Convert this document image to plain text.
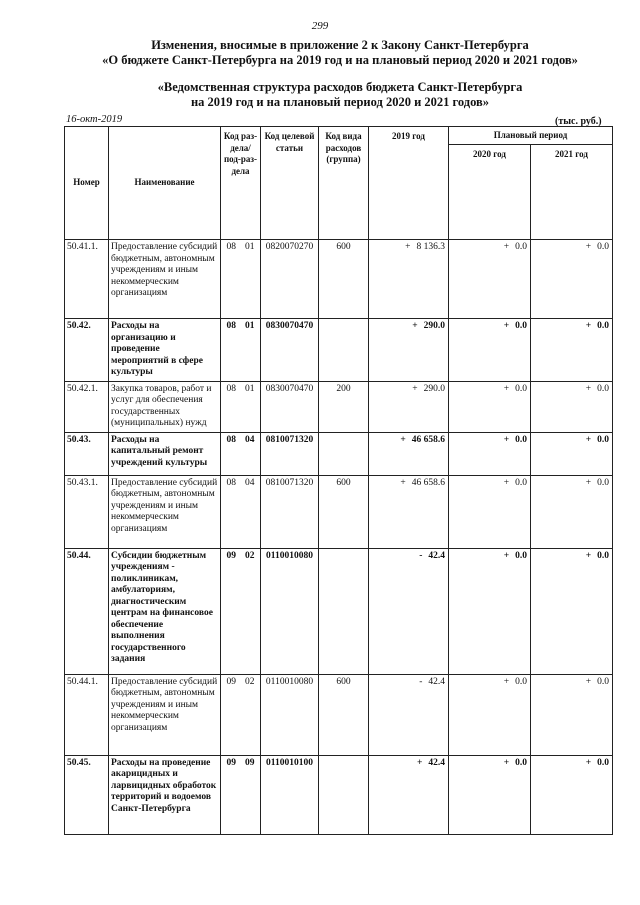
299
Изменения, вносимые в приложение 2 к Закону Санкт-Петербурга
«О бюджете Санкт-Петербурга на 2019 год и на плановый период 2020 и 2021 годов»
«Ведомственная структура расходов бюджета Санкт-Петербурга
на 2019 год и на плановый период 2020 и 2021 годов»
16-окт-2019	(тыс. руб.)
Номер	Наименование	Код раз-дела/ под-раз-дела	Код целевой статьи	Код вида расходов (группа)	2019 год	Плановый период	
						2020 год	2021 год
50.41.1.	Предоставление субсидий бюджетным, автономным учреждениям и иным некоммерческим организациям	08 01	0820070270	600	+ 8 136.3	+ 0.0	+ 0.0
50.42.	Расходы на организацию и проведение мероприятий в сфере культуры	08 01	0830070470		+ 290.0	+ 0.0	+ 0.0
50.42.1.	Закупка товаров, работ и услуг для обеспечения государственных (муниципальных) нужд	08 01	0830070470	200	+ 290.0	+ 0.0	+ 0.0
50.43.	Расходы на капитальный ремонт учреждений культуры	08 04	0810071320		+ 46 658.6	+ 0.0	+ 0.0
50.43.1.	Предоставление субсидий бюджетным, автономным учреждениям и иным некоммерческим организациям	08 04	0810071320	600	+ 46 658.6	+ 0.0	+ 0.0
50.44.	Субсидии бюджетным учреждениям - поликлиникам, амбулаториям, диагностическим центрам на финансовое обеспечение выполнения государственного задания	09 02	0110010080		- 42.4	+ 0.0	+ 0.0
50.44.1.	Предоставление субсидий бюджетным, автономным учреждениям и иным некоммерческим организациям	09 02	0110010080	600	- 42.4	+ 0.0	+ 0.0
50.45.	Расходы на проведение акарицидных и ларвицидных обработок территорий и водоемов Санкт-Петербурга	09 09	0110010100		+ 42.4	+ 0.0	+ 0.0
